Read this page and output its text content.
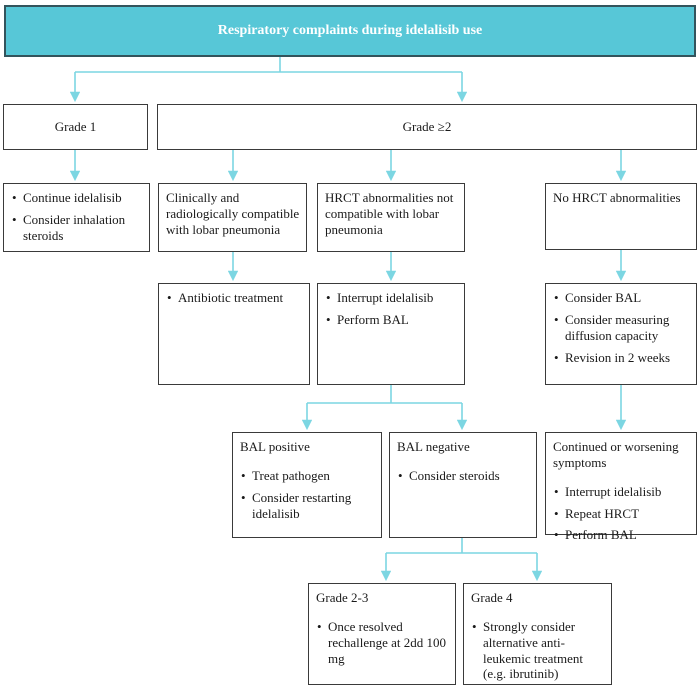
Respiratory complaints during idelalisib use
Grade 1	Grade ≥2
• Continue idelalisib
• Consider inhalation steroids
Clinically and radiologically compatible with lobar pneumonia
HRCT abnormalities not compatible with lobar pneumonia
No HRCT abnormalities
• Antibiotic treatment	• Interrupt idelalisib
• Perform BAL
• Consider BAL
• Consider measuring diffusion capacity
• Revision in 2 weeks
BAL positive
• Treat pathogen
• Consider restarting idelalisib
BAL negative
• Consider steroids
Continued or worsening symptoms
• Interrupt idelalisib
• Repeat HRCT
• Perform BAL
Grade 2-3
• Once resolved rechallenge at 2dd 100 mg
Grade 4
• Strongly consider alternative anti-leukemic treatment (e.g. ibrutinib)
